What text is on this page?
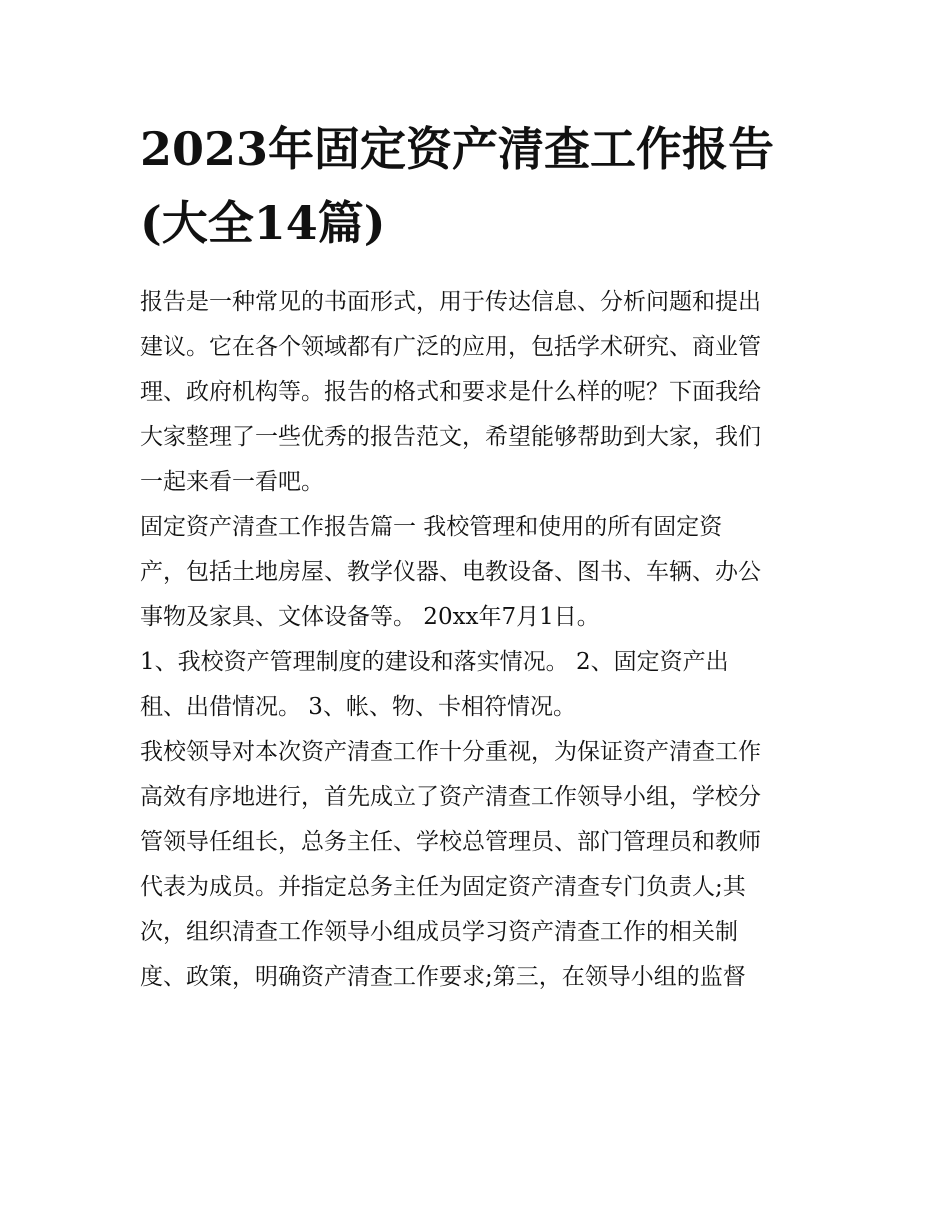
2023年固定资产清查工作报告
(大全14篇)
报告是一种常见的书面形式，用于传达信息、分析问题和提出
建议。它在各个领域都有广泛的应用，包括学术研究、商业管
理、政府机构等。报告的格式和要求是什么样的呢？下面我给
大家整理了一些优秀的报告范文，希望能够帮助到大家，我们
一起来看一看吧。
固定资产清查工作报告篇一 我校管理和使用的所有固定资
产，包括土地房屋、教学仪器、电教设备、图书、车辆、办公
事物及家具、文体设备等。 20xx年7月1日。
1、我校资产管理制度的建设和落实情况。 2、固定资产出
租、出借情况。 3、帐、物、卡相符情况。
我校领导对本次资产清查工作十分重视，为保证资产清查工作
高效有序地进行，首先成立了资产清查工作领导小组，学校分
管领导任组长，总务主任、学校总管理员、部门管理员和教师
代表为成员。并指定总务主任为固定资产清查专门负责人;其
次，组织清查工作领导小组成员学习资产清查工作的相关制
度、政策，明确资产清查工作要求;第三，在领导小组的监督
